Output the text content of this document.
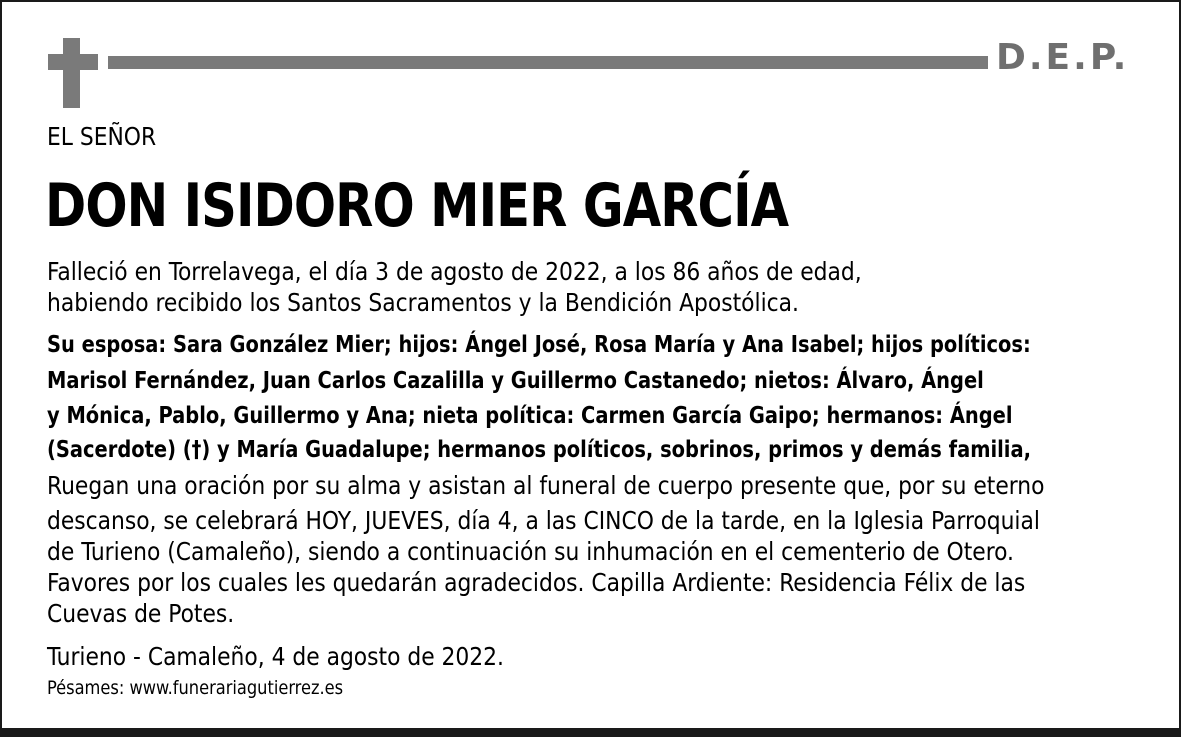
D.E.P.
EL SEÑOR
DON ISIDORO MIER GARCÍA
Falleció en Torrelavega, el día 3 de agosto de 2022, a los 86 años de edad,
habiendo recibido los Santos Sacramentos y la Bendición Apostólica.
Su esposa: Sara González Mier; hijos: Ángel José, Rosa María y Ana Isabel; hijos políticos:
Marisol Fernández, Juan Carlos Cazalilla y Guillermo Castanedo; nietos: Álvaro, Ángel
y Mónica, Pablo, Guillermo y Ana; nieta política: Carmen García Gaipo; hermanos: Ángel
(Sacerdote) (†) y María Guadalupe; hermanos políticos, sobrinos, primos y demás familia,
Ruegan una oración por su alma y asistan al funeral de cuerpo presente que, por su eterno
descanso, se celebrará HOY, JUEVES, día 4, a las CINCO de la tarde, en la Iglesia Parroquial
de Turieno (Camaleño), siendo a continuación su inhumación en el cementerio de Otero.
Favores por los cuales les quedarán agradecidos. Capilla Ardiente: Residencia Félix de las
Cuevas de Potes.
Turieno - Camaleño, 4 de agosto de 2022.
Pésames: www.funerariagutierrez.es
